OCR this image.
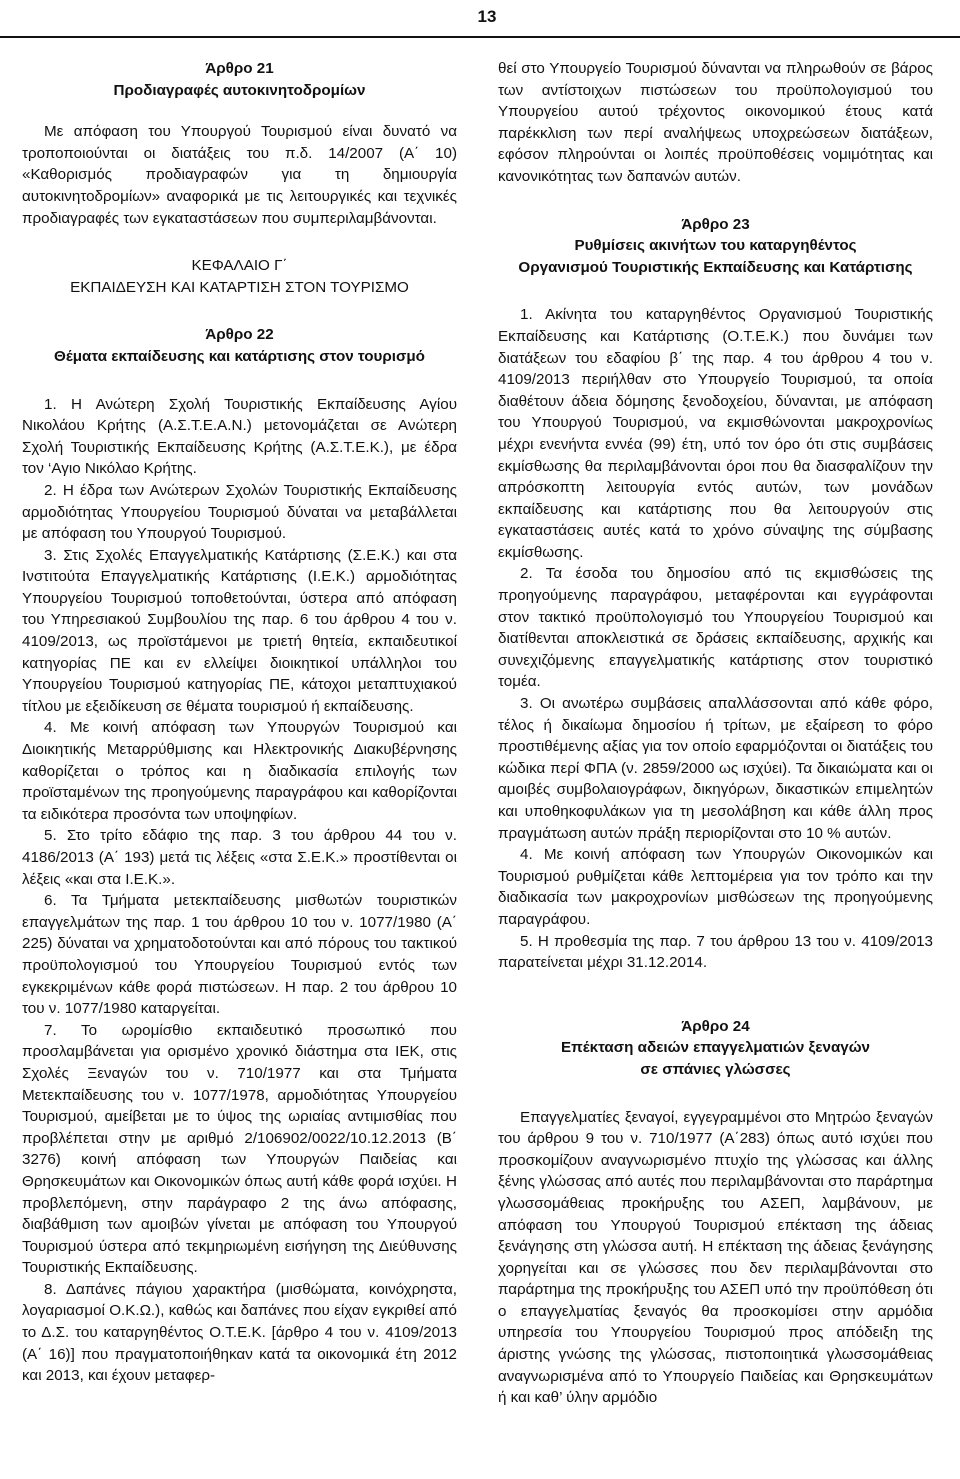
13
Άρθρο 21
Προδιαγραφές αυτοκινητοδρομίων

Με απόφαση του Υπουργού Τουρισμού είναι δυνατό να τροποποιούνται οι διατάξεις του π.δ. 14/2007 (Α΄ 10) «Καθορισμός προδιαγραφών για τη δημιουργία αυτοκινητοδρομίων» αναφορικά με τις λειτουργικές και τεχνικές προδιαγραφές των εγκαταστάσεων που συμπεριλαμβάνονται.

ΚΕΦΑΛΑΙΟ Γ΄
ΕΚΠΑΙΔΕΥΣΗ ΚΑΙ ΚΑΤΑΡΤΙΣΗ ΣΤΟΝ ΤΟΥΡΙΣΜΟ
Άρθρο 22
Θέματα εκπαίδευσης και κατάρτισης στον τουρισμό

1. Η Ανώτερη Σχολή Τουριστικής Εκπαίδευσης Αγίου Νικολάου Κρήτης (Α.Σ.Τ.Ε.Α.Ν.) μετονομάζεται σε Ανώτερη Σχολή Τουριστικής Εκπαίδευσης Κρήτης (Α.Σ.Τ.Ε.Κ.), με έδρα τον ‘Αγιο Νικόλαο Κρήτης.

2. Η έδρα των Ανώτερων Σχολών Τουριστικής Εκπαίδευσης αρμοδιότητας Υπουργείου Τουρισμού δύναται να μεταβάλλεται με απόφαση του Υπουργού Τουρισμού.

3. Στις Σχολές Επαγγελματικής Κατάρτισης (Σ.Ε.Κ.) και στα Ινστιτούτα Επαγγελματικής Κατάρτισης (Ι.Ε.Κ.) αρμοδιότητας Υπουργείου Τουρισμού τοποθετούνται, ύστερα από απόφαση του Υπηρεσιακού Συμβουλίου της παρ. 6 του άρθρου 4 του ν. 4109/2013, ως προϊστάμενοι με τριετή θητεία, εκπαιδευτικοί κατηγορίας ΠΕ και εν ελλείψει διοικητικοί υπάλληλοι του Υπουργείου Τουρισμού κατηγορίας ΠΕ, κάτοχοι μεταπτυχιακού τίτλου με εξειδίκευση σε θέματα τουρισμού ή εκπαίδευσης.

4. Με κοινή απόφαση των Υπουργών Τουρισμού και Διοικητικής Μεταρρύθμισης και Ηλεκτρονικής Διακυβέρνησης καθορίζεται ο τρόπος και η διαδικασία επιλογής των προϊσταμένων της προηγούμενης παραγράφου και καθορίζονται τα ειδικότερα προσόντα των υποψηφίων.

5. Στο τρίτο εδάφιο της παρ. 3 του άρθρου 44 του ν. 4186/2013 (Α΄ 193) μετά τις λέξεις «στα Σ.Ε.Κ.» προστίθενται οι λέξεις «και στα Ι.Ε.Κ.».

6. Τα Τμήματα μετεκπαίδευσης μισθωτών τουριστικών επαγγελμάτων της παρ. 1 του άρθρου 10 του ν. 1077/1980 (Α΄ 225) δύναται να χρηματοδοτούνται και από πόρους του τακτικού προϋπολογισμού του Υπουργείου Τουρισμού εντός των εγκεκριμένων κάθε φορά πιστώσεων. Η παρ. 2 του άρθρου 10 του ν. 1077/1980 καταργείται.

7. Το ωρομίσθιο εκπαιδευτικό προσωπικό που προσλαμβάνεται για ορισμένο χρονικό διάστημα στα ΙΕΚ, στις Σχολές Ξεναγών του ν. 710/1977 και στα Τμήματα Μετεκπαίδευσης του ν. 1077/1978, αρμοδιότητας Υπουργείου Τουρισμού, αμείβεται με το ύψος της ωριαίας αντιμισθίας που προβλέπεται στην με αριθμό 2/106902/0022/10.12.2013 (Β΄ 3276) κοινή απόφαση των Υπουργών Παιδείας και Θρησκευμάτων και Οικονομικών όπως αυτή κάθε φορά ισχύει. Η προβλεπόμενη, στην παράγραφο 2 της άνω απόφασης, διαβάθμιση των αμοιβών γίνεται με απόφαση του Υπουργού Τουρισμού ύστερα από τεκμηριωμένη εισήγηση της Διεύθυνσης Τουριστικής Εκπαίδευσης.

8. Δαπάνες πάγιου χαρακτήρα (μισθώματα, κοινόχρηστα, λογαριασμοί Ο.Κ.Ω.), καθώς και δαπάνες που είχαν εγκριθεί από το Δ.Σ. του καταργηθέντος Ο.Τ.Ε.Κ. [άρθρο 4 του ν. 4109/2013 (Α΄ 16)] που πραγματοποιήθηκαν κατά τα οικονομικά έτη 2012 και 2013, και έχουν μεταφερ-

θεί στο Υπουργείο Τουρισμού δύνανται να πληρωθούν σε βάρος των αντίστοιχων πιστώσεων του προϋπολογισμού του Υπουργείου αυτού τρέχοντος οικονομικού έτους κατά παρέκκλιση των περί αναλήψεως υποχρεώσεων διατάξεων, εφόσον πληρούνται οι λοιπές προϋποθέσεις νομιμότητας και κανονικότητας των δαπανών αυτών.

Άρθρο 23
Ρυθμίσεις ακινήτων του καταργηθέντος
Οργανισμού Τουριστικής Εκπαίδευσης και Κατάρτισης

1. Ακίνητα του καταργηθέντος Οργανισμού Τουριστικής Εκπαίδευσης και Κατάρτισης (Ο.Τ.Ε.Κ.) που δυνάμει των διατάξεων του εδαφίου β΄ της παρ. 4 του άρθρου 4 του ν. 4109/2013 περιήλθαν στο Υπουργείο Τουρισμού, τα οποία διαθέτουν άδεια δόμησης ξενοδοχείου, δύνανται, με απόφαση του Υπουργού Τουρισμού, να εκμισθώνονται μακροχρονίως μέχρι ενενήντα εννέα (99) έτη, υπό τον όρο ότι στις συμβάσεις εκμίσθωσης θα περιλαμβάνονται όροι που θα διασφαλίζουν την απρόσκοπτη λειτουργία εντός αυτών, των μονάδων εκπαίδευσης και κατάρτισης που θα λειτουργούν στις εγκαταστάσεις αυτές κατά το χρόνο σύναψης της σύμβασης εκμίσθωσης.

2. Τα έσοδα του δημοσίου από τις εκμισθώσεις της προηγούμενης παραγράφου, μεταφέρονται και εγγράφονται στον τακτικό προϋπολογισμό του Υπουργείου Τουρισμού και διατίθενται αποκλειστικά σε δράσεις εκπαίδευσης, αρχικής και συνεχιζόμενης επαγγελματικής κατάρτισης στον τουριστικό τομέα.

3. Οι ανωτέρω συμβάσεις απαλλάσσονται από κάθε φόρο, τέλος ή δικαίωμα δημοσίου ή τρίτων, με εξαίρεση το φόρο προστιθέμενης αξίας για τον οποίο εφαρμόζονται οι διατάξεις του κώδικα περί ΦΠΑ (ν. 2859/2000 ως ισχύει). Τα δικαιώματα και οι αμοιβές συμβολαιογράφων, δικηγόρων, δικαστικών επιμελητών και υποθηκοφυλάκων για τη μεσολάβηση και κάθε άλλη προς πραγμάτωση αυτών πράξη περιορίζονται στο 10 % αυτών.

4. Με κοινή απόφαση των Υπουργών Οικονομικών και Τουρισμού ρυθμίζεται κάθε λεπτομέρεια για τον τρόπο και την διαδικασία των μακροχρονίων μισθώσεων της προηγούμενης παραγράφου.

5. Η προθεσμία της παρ. 7 του άρθρου 13 του ν. 4109/2013 παρατείνεται μέχρι 31.12.2014.

Άρθρο 24
Επέκταση αδειών επαγγελματιών ξεναγών
σε σπάνιες γλώσσες

Επαγγελματίες ξεναγοί, εγγεγραμμένοι στο Μητρώο ξεναγών του άρθρου 9 του ν. 710/1977 (Α΄283) όπως αυτό ισχύει που προσκομίζουν αναγνωρισμένο πτυχίο της γλώσσας και άλλης ξένης γλώσσας από αυτές που περιλαμβάνονται στο παράρτημα γλωσσομάθειας προκήρυξης του ΑΣΕΠ, λαμβάνουν, με απόφαση του Υπουργού Τουρισμού επέκταση της άδειας ξενάγησης στη γλώσσα αυτή. Η επέκταση της άδειας ξενάγησης χορηγείται και σε γλώσσες που δεν περιλαμβάνονται στο παράρτημα της προκήρυξης του ΑΣΕΠ υπό την προϋπόθεση ότι ο επαγγελματίας ξεναγός θα προσκομίσει στην αρμόδια υπηρεσία του Υπουργείου Τουρισμού προς απόδειξη της άριστης γνώσης της γλώσσας, πιστοποιητικά γλωσσομάθειας αναγνωρισμένα από το Υπουργείο Παιδείας και Θρησκευμάτων ή και καθ’ ύλην αρμόδιο
